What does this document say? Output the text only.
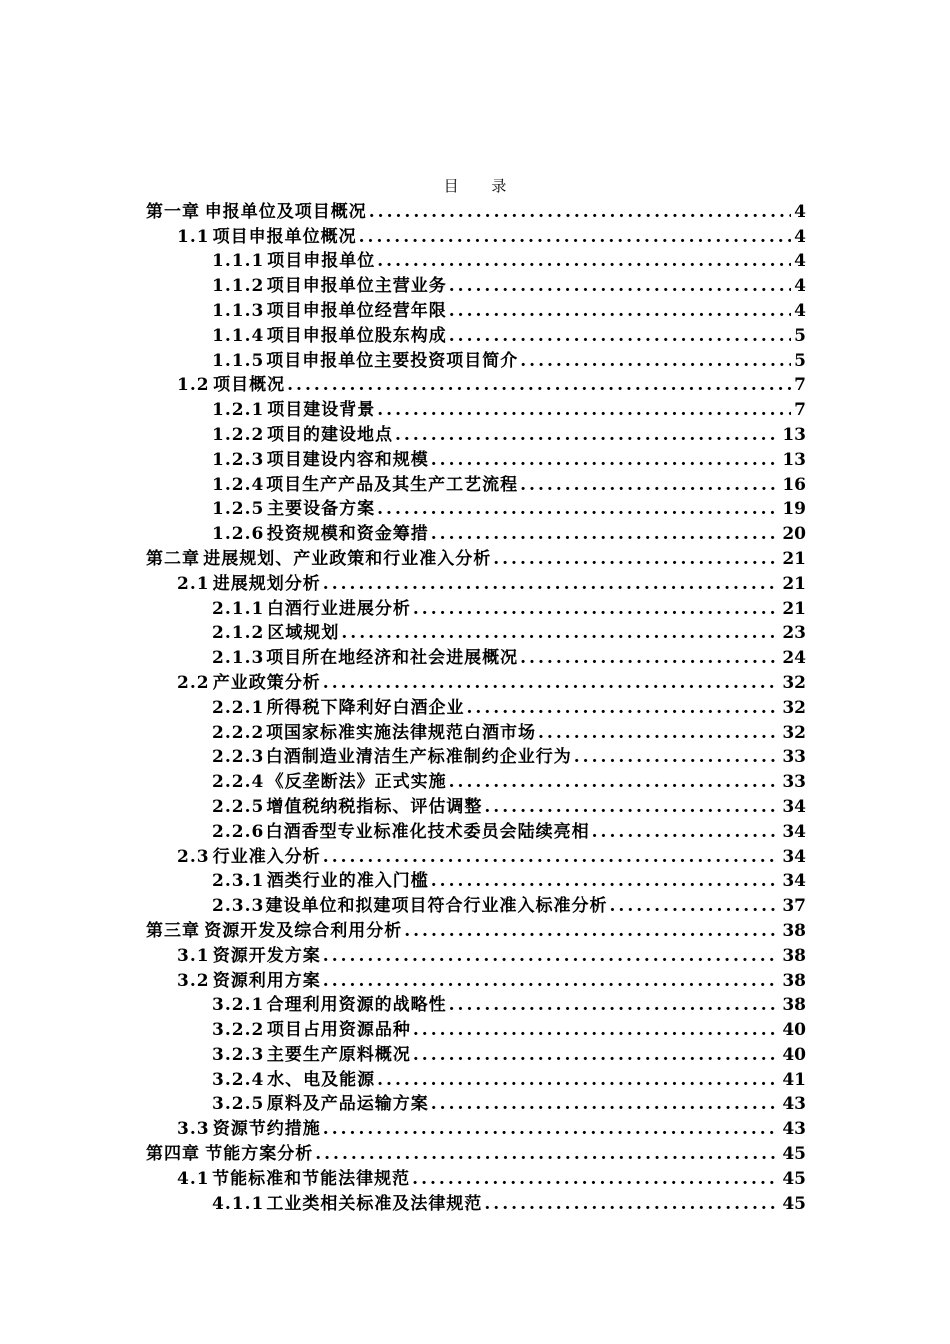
目 录
第一章 申报单位及项目概况 .....	4
1.1 项目申报单位概况 .....	4
1.1.1 项目申报单位 .....	4
1.1.2 项目申报单位主营业务 .....	4
1.1.3 项目申报单位经营年限 .....	4
1.1.4 项目申报单位股东构成 .....	5
1.1.5 项目申报单位主要投资项目简介 .....	5
1.2 项目概况 .....	7
1.2.1 项目建设背景 .....	7
1.2.2 项目的建设地点 .....	13
1.2.3 项目建设内容和规模 .....	13
1.2.4 项目生产产品及其生产工艺流程 .....	16
1.2.5 主要设备方案 .....	19
1.2.6 投资规模和资金筹措 .....	20
第二章 进展规划、产业政策和行业准入分析 .....	21
2.1 进展规划分析 .....	21
2.1.1 白酒行业进展分析 .....	21
2.1.2 区域规划 .....	23
2.1.3 项目所在地经济和社会进展概况 .....	24
2.2 产业政策分析 .....	32
2.2.1 所得税下降利好白酒企业 .....	32
2.2.2 项国家标准实施法律规范白酒市场 .....	32
2.2.3 白酒制造业清洁生产标准制约企业行为 .....	33
2.2.4 《反垄断法》正式实施 .....	33
2.2.5 增值税纳税指标、评估调整 .....	34
2.2.6 白酒香型专业标准化技术委员会陆续亮相 .....	34
2.3 行业准入分析 .....	34
2.3.1 酒类行业的准入门槛 .....	34
2.3.3 建设单位和拟建项目符合行业准入标准分析 .....	37
第三章 资源开发及综合利用分析 .....	38
3.1 资源开发方案 .....	38
3.2 资源利用方案 .....	38
3.2.1 合理利用资源的战略性 .....	38
3.2.2 项目占用资源品种 .....	40
3.2.3 主要生产原料概况 .....	40
3.2.4 水、电及能源 .....	41
3.2.5 原料及产品运输方案 .....	43
3.3 资源节约措施 .....	43
第四章 节能方案分析 .....	45
4.1 节能标准和节能法律规范 .....	45
4.1.1 工业类相关标准及法律规范 .....	45
